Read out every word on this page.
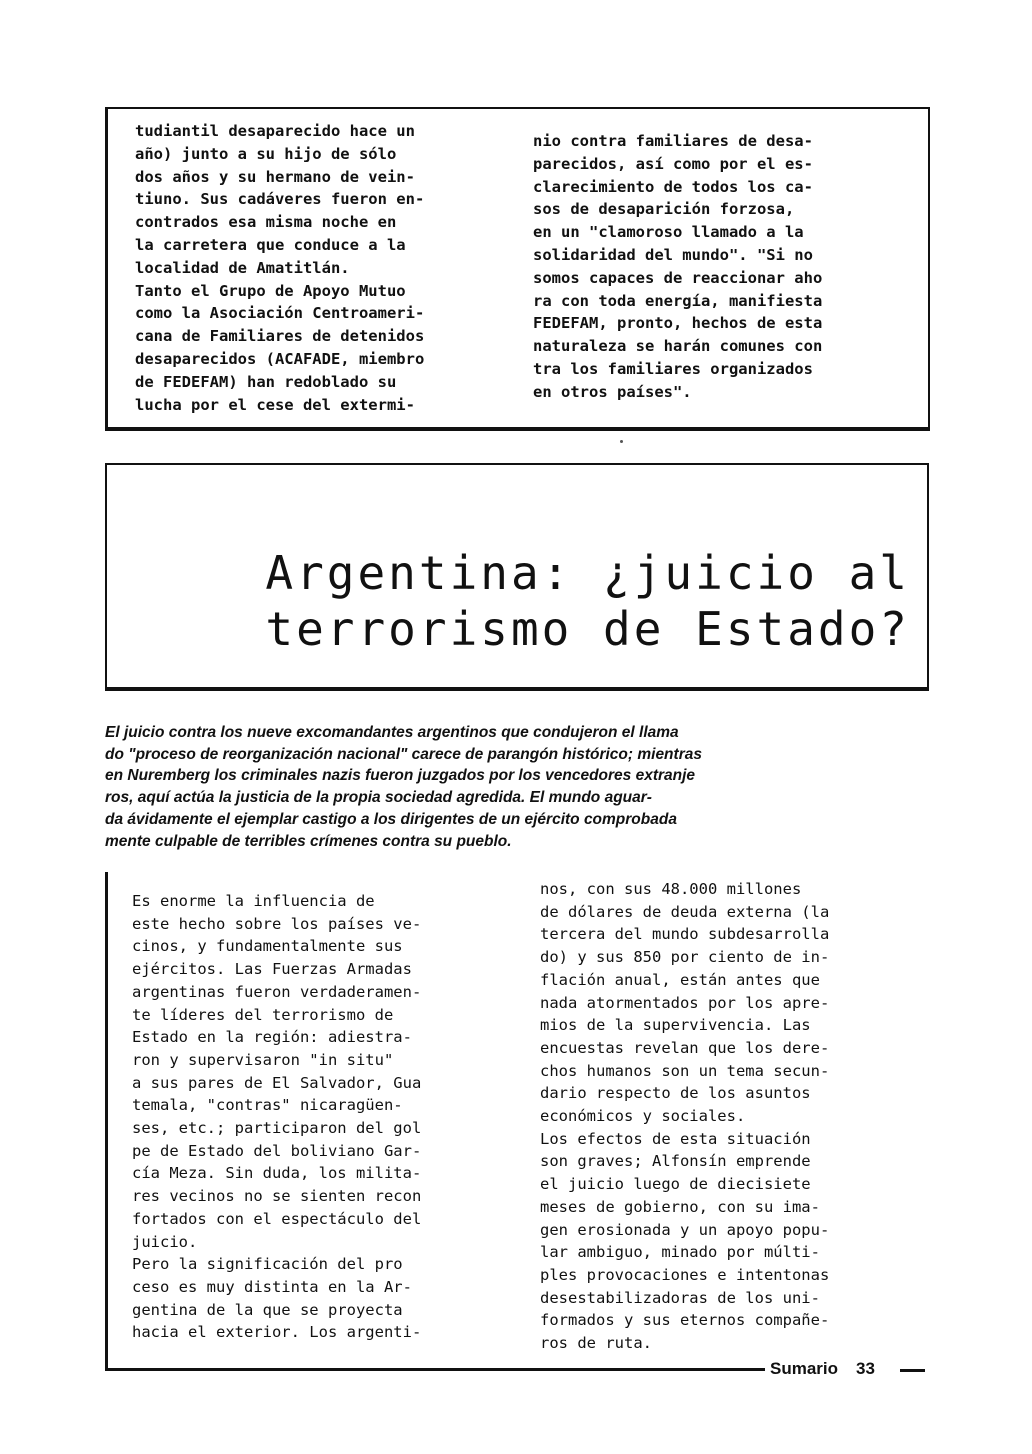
tudiantil desaparecido hace un
año) junto a su hijo de sólo
dos años y su hermano de vein-
tiuno. Sus cadáveres fueron en-
contrados esa misma noche en
la carretera que conduce a la
localidad de Amatitlán.
Tanto el Grupo de Apoyo Mutuo
como la Asociación Centroameri-
cana de Familiares de detenidos
desaparecidos (ACAFADE, miembro
de FEDEFAM) han redoblado su
lucha por el cese del extermi-
nio contra familiares de desa-
parecidos, así como por el es-
clarecimiento de todos los ca-
sos de desaparición forzosa,
en un "clamoroso llamado a la
solidaridad del mundo". "Si no
somos capaces de reaccionar aho
ra con toda energía, manifiesta
FEDEFAM, pronto, hechos de esta
naturaleza se harán comunes con
tra los familiares organizados
en otros países".
Argentina: ¿juicio al
terrorismo de Estado?
El juicio contra los nueve excomandantes argentinos que condujeron el llama
do "proceso de reorganización nacional" carece de parangón histórico; mientras
en Nuremberg los criminales nazis fueron juzgados por los vencedores extranje
ros, aquí actúa la justicia de la propia sociedad agredida. El mundo aguar-
da ávidamente el ejemplar castigo a los dirigentes de un ejército comprobada
mente culpable de terribles crímenes contra su pueblo.
Es enorme la influencia de
este hecho sobre los países ve-
cinos, y fundamentalmente sus
ejércitos. Las Fuerzas Armadas
argentinas fueron verdaderamen-
te líderes del terrorismo de
Estado en la región: adiestra-
ron y supervisaron "in situ"
a sus pares de El Salvador, Gua
temala, "contras" nicaragüen-
ses, etc.; participaron del gol
pe de Estado del boliviano Gar-
cía Meza. Sin duda, los milita-
res vecinos no se sienten recon
fortados con el espectáculo del
juicio.
Pero la significación del pro
ceso es muy distinta en la Ar-
gentina de la que se proyecta
hacia el exterior. Los argenti-
nos, con sus 48.000 millones
de dólares de deuda externa (la
tercera del mundo subdesarrolla
do) y sus 850 por ciento de in-
flación anual, están antes que
nada atormentados por los apre-
mios de la supervivencia. Las
encuestas revelan que los dere-
chos humanos son un tema secun-
dario respecto de los asuntos
económicos y sociales.
Los efectos de esta situación
son graves; Alfonsín emprende
el juicio luego de diecisiete
meses de gobierno, con su ima-
gen erosionada y un apoyo popu-
lar ambiguo, minado por múlti-
ples provocaciones e intentonas
desestabilizadoras de los uni-
formados y sus eternos compañe-
ros de ruta.
Sumario 33
